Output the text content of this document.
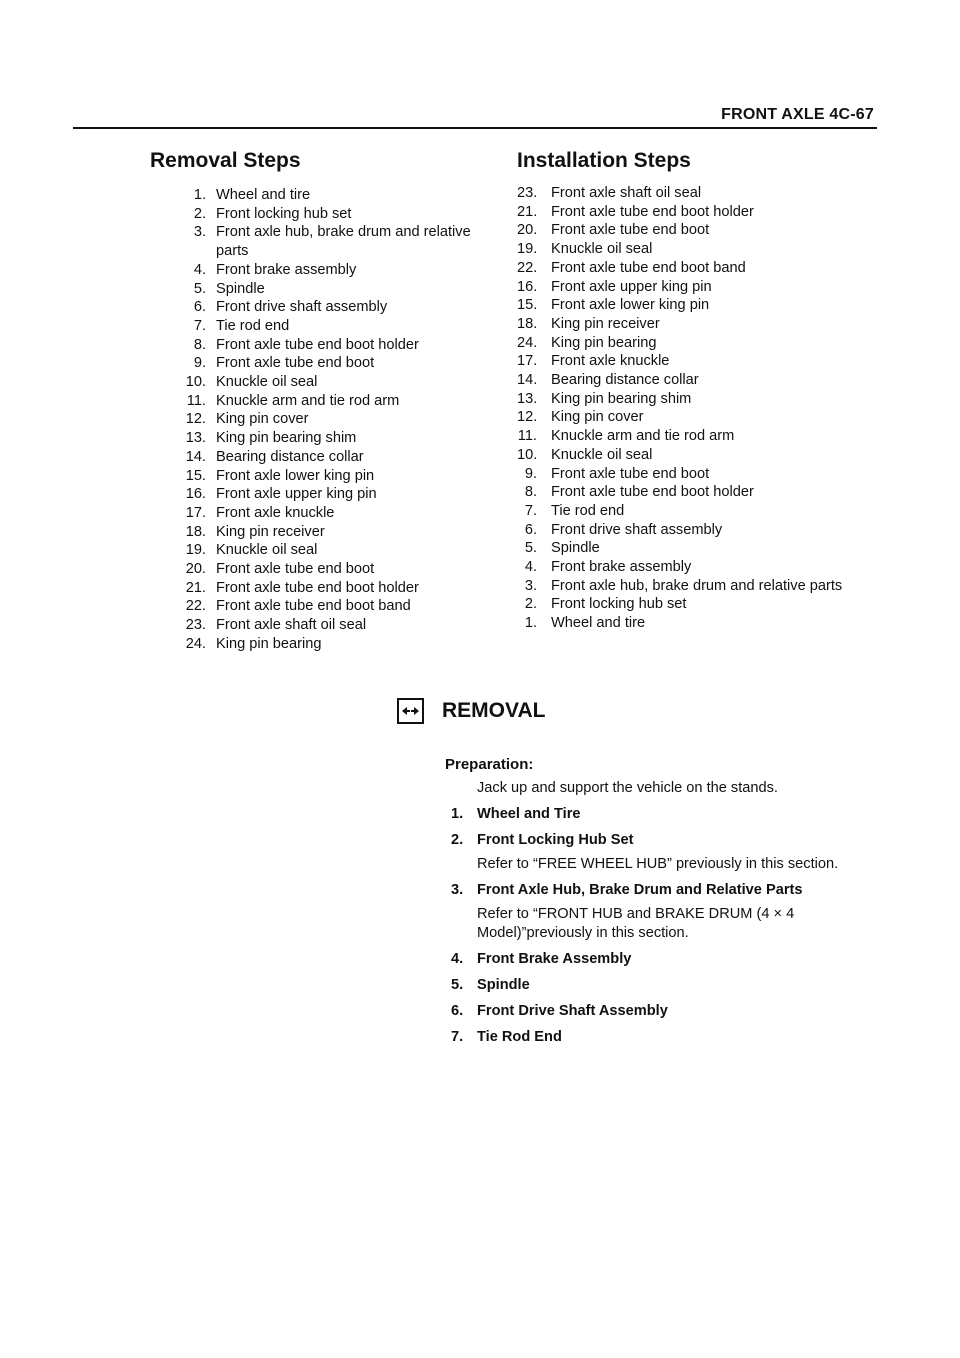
FRONT AXLE 4C-67
Removal Steps
1. Wheel and tire
2. Front locking hub set
3. Front axle hub, brake drum and relative parts
4. Front brake assembly
5. Spindle
6. Front drive shaft assembly
7. Tie rod end
8. Front axle tube end boot holder
9. Front axle tube end boot
10. Knuckle oil seal
11. Knuckle arm and tie rod arm
12. King pin cover
13. King pin bearing shim
14. Bearing distance collar
15. Front axle lower king pin
16. Front axle upper king pin
17. Front axle knuckle
18. King pin receiver
19. Knuckle oil seal
20. Front axle tube end boot
21. Front axle tube end boot holder
22. Front axle tube end boot band
23. Front axle shaft oil seal
24. King pin bearing
Installation Steps
23. Front axle shaft oil seal
21. Front axle tube end boot holder
20. Front axle tube end boot
19. Knuckle oil seal
22. Front axle tube end boot band
16. Front axle upper king pin
15. Front axle lower king pin
18. King pin receiver
24. King pin bearing
17. Front axle knuckle
14. Bearing distance collar
13. King pin bearing shim
12. King pin cover
11. Knuckle arm and tie rod arm
10. Knuckle oil seal
9. Front axle tube end boot
8. Front axle tube end boot holder
7. Tie rod end
6. Front drive shaft assembly
5. Spindle
4. Front brake assembly
3. Front axle hub, brake drum and relative parts
2. Front locking hub set
1. Wheel and tire
REMOVAL
Preparation:
Jack up and support the vehicle on the stands.
1. Wheel and Tire
2. Front Locking Hub Set
Refer to “FREE WHEEL HUB” previously in this section.
3. Front Axle Hub, Brake Drum and Relative Parts
Refer to “FRONT HUB and BRAKE DRUM (4 × 4 Model)”previously in this section.
4. Front Brake Assembly
5. Spindle
6. Front Drive Shaft Assembly
7. Tie Rod End
